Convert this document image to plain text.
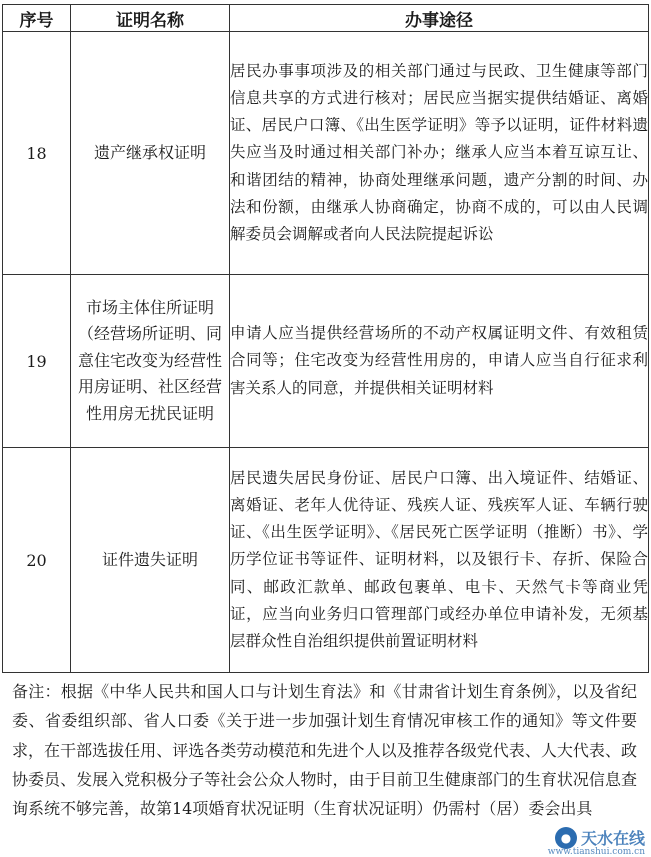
序号	证明名称	办事途径
18	遗产继承权证明	居民办事事项涉及的相关部门通过与民政、卫生健康等部门信息共享的方式进行核对；居民应当据实提供结婚证、离婚证、居民户口簿、《出生医学证明》等予以证明，证件材料遗失应当及时通过相关部门补办；继承人应当本着互谅互让、和谐团结的精神，协商处理继承问题，遗产分割的时间、办法和份额，由继承人协商确定，协商不成的，可以由人民调解委员会调解或者向人民法院提起诉讼
19	市场主体住所证明（经营场所证明、同意住宅改变为经营性用房证明、社区经营性用房无扰民证明	申请人应当提供经营场所的不动产权属证明文件、有效租赁合同等；住宅改变为经营性用房的，申请人应当自行征求利害关系人的同意，并提供相关证明材料
20	证件遗失证明	居民遗失居民身份证、居民户口簿、出入境证件、结婚证、离婚证、老年人优待证、残疾人证、残疾军人证、车辆行驶证、《出生医学证明》、《居民死亡医学证明（推断）书》、学历学位证书等证件、证明材料，以及银行卡、存折、保险合同、邮政汇款单、邮政包裹单、电卡、天然气卡等商业凭证，应当向业务归口管理部门或经办单位申请补发，无须基层群众性自治组织提供前置证明材料

备注：根据《中华人民共和国人口与计划生育法》和《甘肃省计划生育条例》，以及省纪委、省委组织部、省人口委《关于进一步加强计划生育情况审核工作的通知》等文件要求，在干部选拔任用、评选各类劳动模范和先进个人以及推荐各级党代表、人大代表、政协委员、发展入党积极分子等社会公众人物时，由于目前卫生健康部门的生育状况信息查询系统不够完善，故第14项婚育状况证明（生育状况证明）仍需村（居）委会出具

● 天水在线
www.tianshui.com.cn
